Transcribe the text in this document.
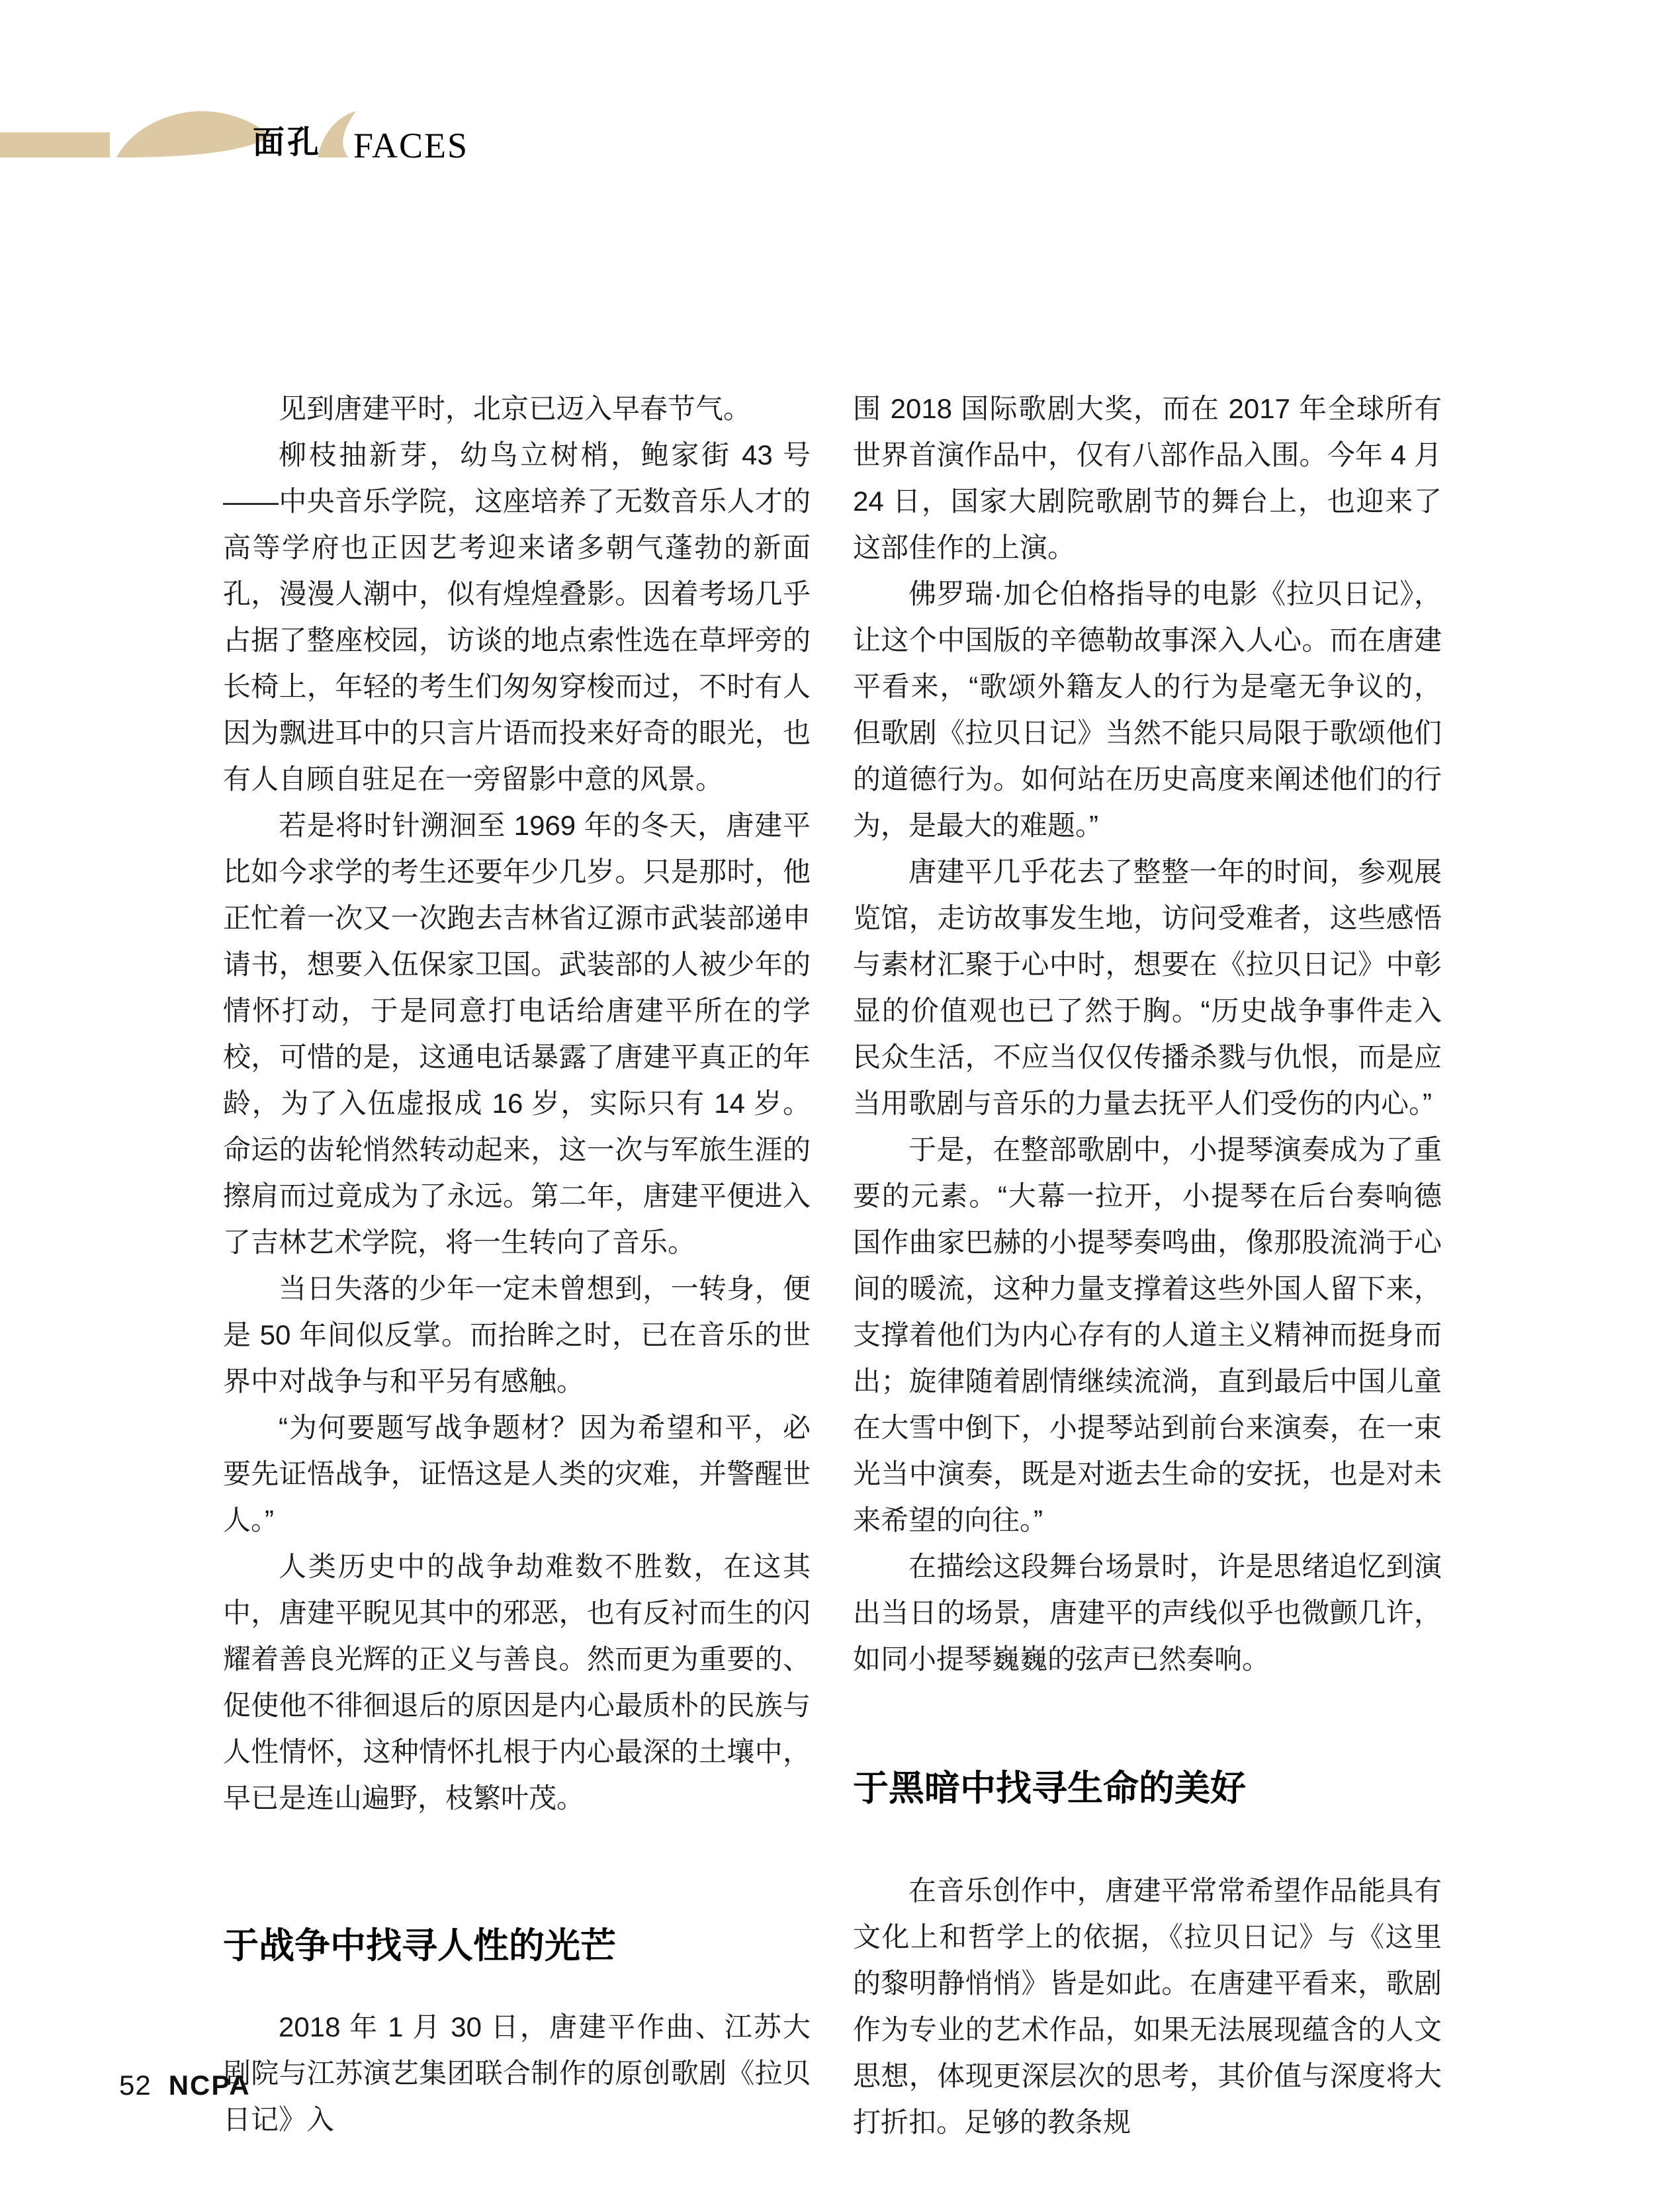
面孔 FACES

见到唐建平时，北京已迈入早春节气。

柳枝抽新芽，幼鸟立树梢，鲍家街 43 号——中央音乐学院，这座培养了无数音乐人才的高等学府也正因艺考迎来诸多朝气蓬勃的新面孔，漫漫人潮中，似有煌煌叠影。因着考场几乎占据了整座校园，访谈的地点索性选在草坪旁的长椅上，年轻的考生们匆匆穿梭而过，不时有人因为飘进耳中的只言片语而投来好奇的眼光，也有人自顾自驻足在一旁留影中意的风景。

若是将时针溯洄至 1969 年的冬天，唐建平比如今求学的考生还要年少几岁。只是那时，他正忙着一次又一次跑去吉林省辽源市武装部递申请书，想要入伍保家卫国。武装部的人被少年的情怀打动，于是同意打电话给唐建平所在的学校，可惜的是，这通电话暴露了唐建平真正的年龄，为了入伍虚报成 16 岁，实际只有 14 岁。命运的齿轮悄然转动起来，这一次与军旅生涯的擦肩而过竟成为了永远。第二年，唐建平便进入了吉林艺术学院，将一生转向了音乐。

当日失落的少年一定未曾想到，一转身，便是 50 年间似反掌。而抬眸之时，已在音乐的世界中对战争与和平另有感触。

“为何要题写战争题材？因为希望和平，必要先证悟战争，证悟这是人类的灾难，并警醒世人。”

人类历史中的战争劫难数不胜数，在这其中，唐建平睨见其中的邪恶，也有反衬而生的闪耀着善良光辉的正义与善良。然而更为重要的、促使他不徘徊退后的原因是内心最质朴的民族与人性情怀，这种情怀扎根于内心最深的土壤中，早已是连山遍野，枝繁叶茂。

于战争中找寻人性的光芒

2018 年 1 月 30 日，唐建平作曲、江苏大剧院与江苏演艺集团联合制作的原创歌剧《拉贝日记》入

围 2018 国际歌剧大奖，而在 2017 年全球所有世界首演作品中，仅有八部作品入围。今年 4 月 24 日，国家大剧院歌剧节的舞台上，也迎来了这部佳作的上演。

佛罗瑞·加仑伯格指导的电影《拉贝日记》，让这个中国版的辛德勒故事深入人心。而在唐建平看来，“歌颂外籍友人的行为是毫无争议的，但歌剧《拉贝日记》当然不能只局限于歌颂他们的道德行为。如何站在历史高度来阐述他们的行为，是最大的难题。”

唐建平几乎花去了整整一年的时间，参观展览馆，走访故事发生地，访问受难者，这些感悟与素材汇聚于心中时，想要在《拉贝日记》中彰显的价值观也已了然于胸。“历史战争事件走入民众生活，不应当仅仅传播杀戮与仇恨，而是应当用歌剧与音乐的力量去抚平人们受伤的内心。”

于是，在整部歌剧中，小提琴演奏成为了重要的元素。“大幕一拉开，小提琴在后台奏响德国作曲家巴赫的小提琴奏鸣曲，像那股流淌于心间的暖流，这种力量支撑着这些外国人留下来，支撑着他们为内心存有的人道主义精神而挺身而出；旋律随着剧情继续流淌，直到最后中国儿童在大雪中倒下，小提琴站到前台来演奏，在一束光当中演奏，既是对逝去生命的安抚，也是对未来希望的向往。”

在描绘这段舞台场景时，许是思绪追忆到演出当日的场景，唐建平的声线似乎也微颤几许，如同小提琴巍巍的弦声已然奏响。

于黑暗中找寻生命的美好

在音乐创作中，唐建平常常希望作品能具有文化上和哲学上的依据，《拉贝日记》与《这里的黎明静悄悄》皆是如此。在唐建平看来，歌剧作为专业的艺术作品，如果无法展现蕴含的人文思想，体现更深层次的思考，其价值与深度将大打折扣。足够的教条规

52 NCPA
